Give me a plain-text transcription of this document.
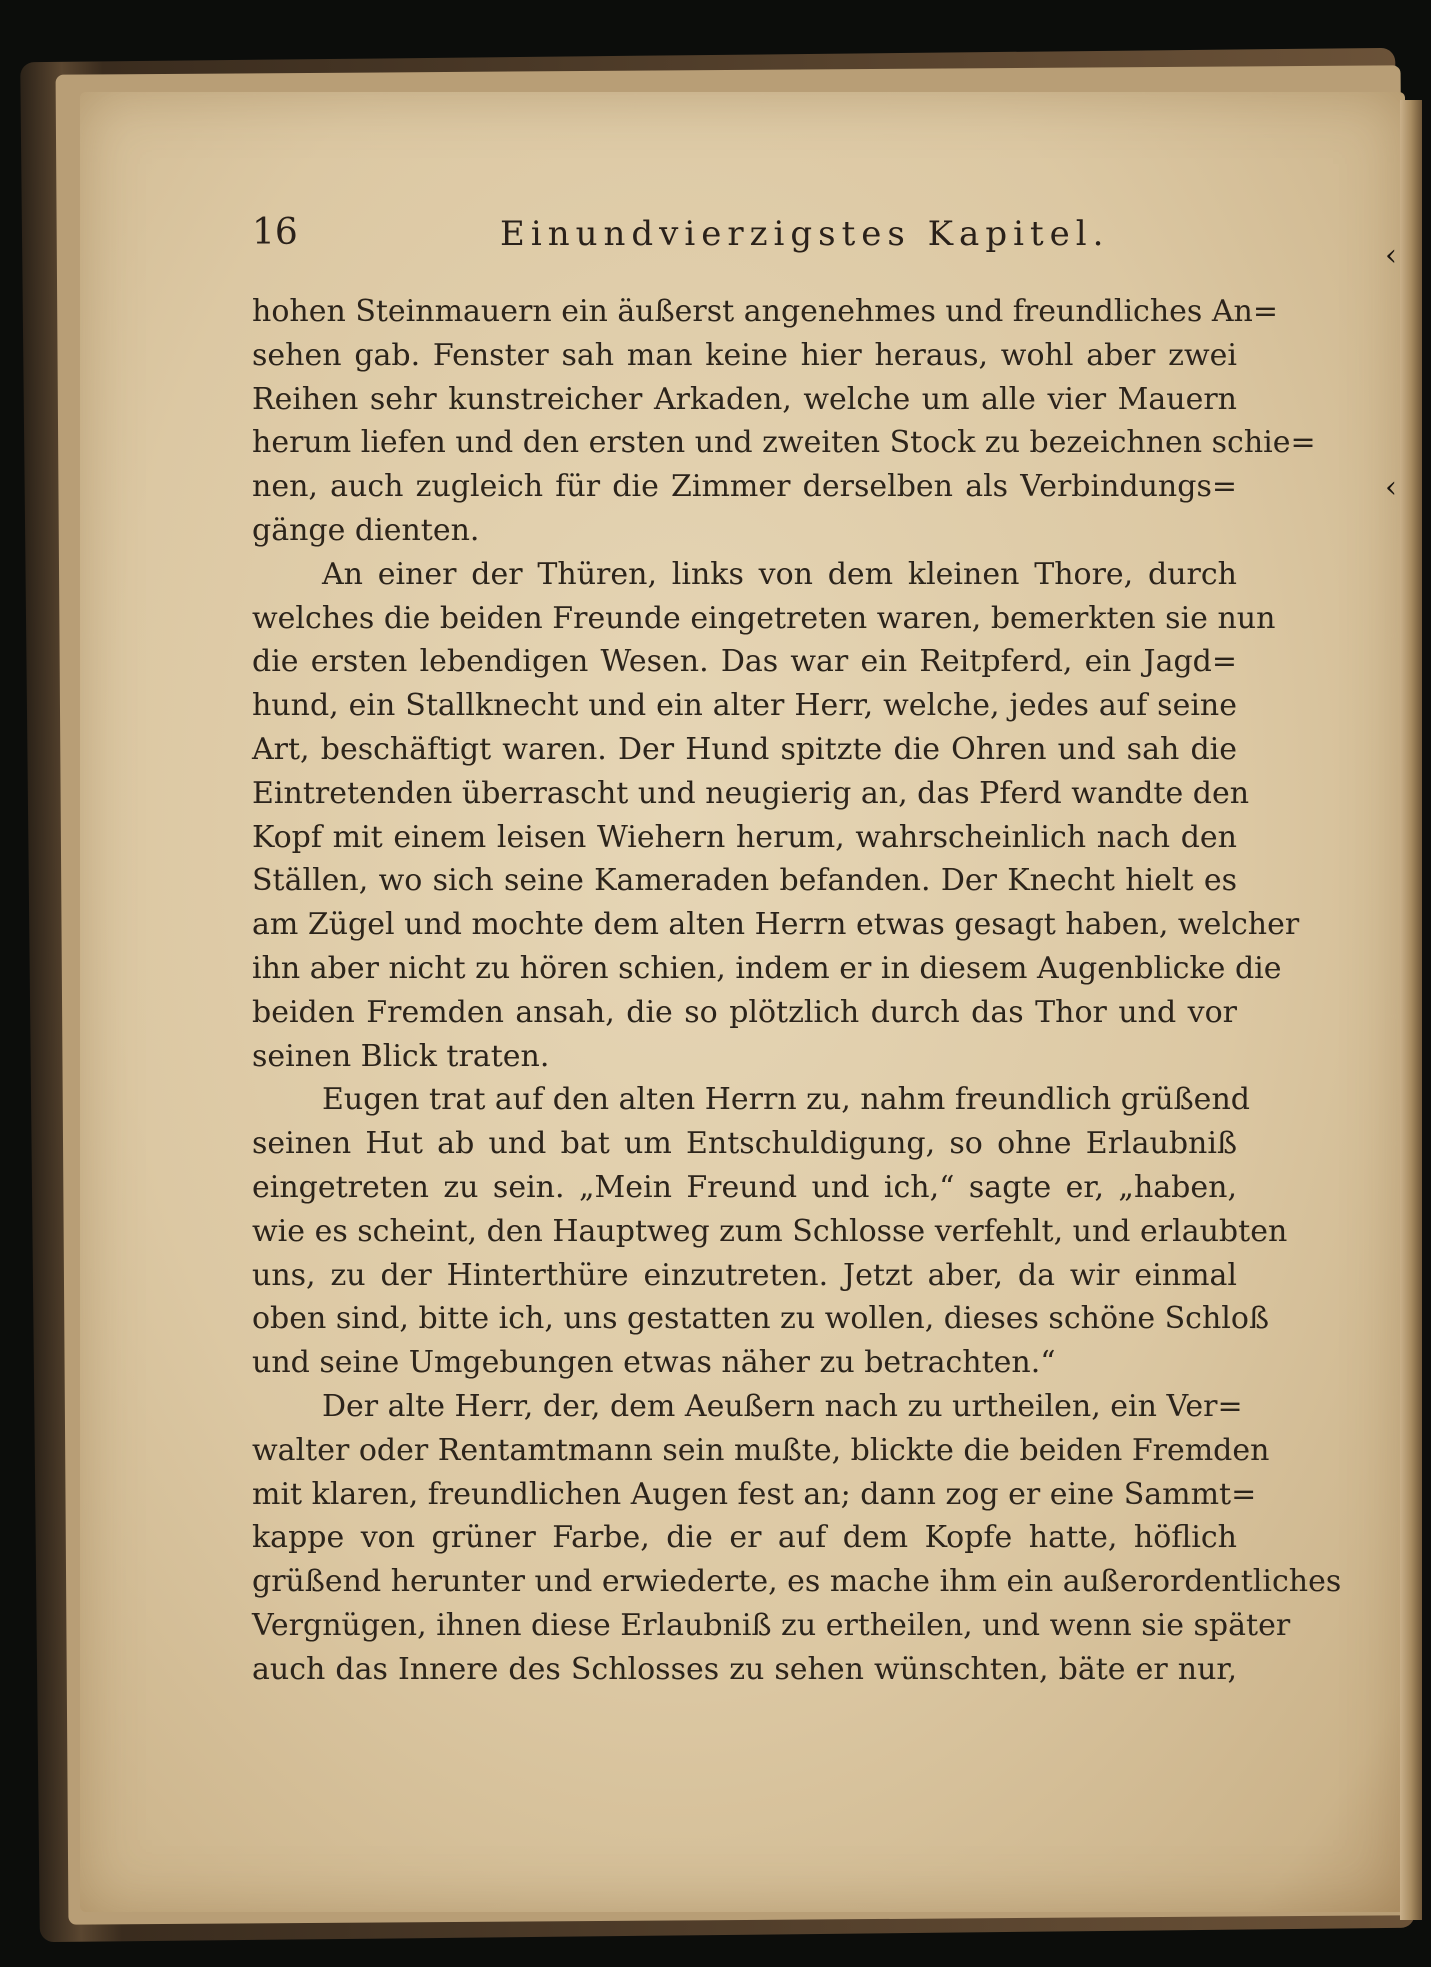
16	Einundvierzigstes Kapitel.
hohen Steinmauern ein äußerst angenehmes und freundliches An=
sehen gab. Fenster sah man keine hier heraus, wohl aber zwei
Reihen sehr kunstreicher Arkaden, welche um alle vier Mauern
herum liefen und den ersten und zweiten Stock zu bezeichnen schie=
nen, auch zugleich für die Zimmer derselben als Verbindungs=
gänge dienten.
An einer der Thüren, links von dem kleinen Thore, durch
welches die beiden Freunde eingetreten waren, bemerkten sie nun
die ersten lebendigen Wesen. Das war ein Reitpferd, ein Jagd=
hund, ein Stallknecht und ein alter Herr, welche, jedes auf seine
Art, beschäftigt waren. Der Hund spitzte die Ohren und sah die
Eintretenden überrascht und neugierig an, das Pferd wandte den
Kopf mit einem leisen Wiehern herum, wahrscheinlich nach den
Ställen, wo sich seine Kameraden befanden. Der Knecht hielt es
am Zügel und mochte dem alten Herrn etwas gesagt haben, welcher
ihn aber nicht zu hören schien, indem er in diesem Augenblicke die
beiden Fremden ansah, die so plötzlich durch das Thor und vor
seinen Blick traten.
Eugen trat auf den alten Herrn zu, nahm freundlich grüßend
seinen Hut ab und bat um Entschuldigung, so ohne Erlaubniß
eingetreten zu sein. „Mein Freund und ich,“ sagte er, „haben,
wie es scheint, den Hauptweg zum Schlosse verfehlt, und erlaubten
uns, zu der Hinterthüre einzutreten. Jetzt aber, da wir einmal
oben sind, bitte ich, uns gestatten zu wollen, dieses schöne Schloß
und seine Umgebungen etwas näher zu betrachten.“
Der alte Herr, der, dem Aeußern nach zu urtheilen, ein Ver=
walter oder Rentamtmann sein mußte, blickte die beiden Fremden
mit klaren, freundlichen Augen fest an; dann zog er eine Sammt=
kappe von grüner Farbe, die er auf dem Kopfe hatte, höflich
grüßend herunter und erwiederte, es mache ihm ein außerordentliches
Vergnügen, ihnen diese Erlaubniß zu ertheilen, und wenn sie später
auch das Innere des Schlosses zu sehen wünschten, bäte er nur,
‹
‹
